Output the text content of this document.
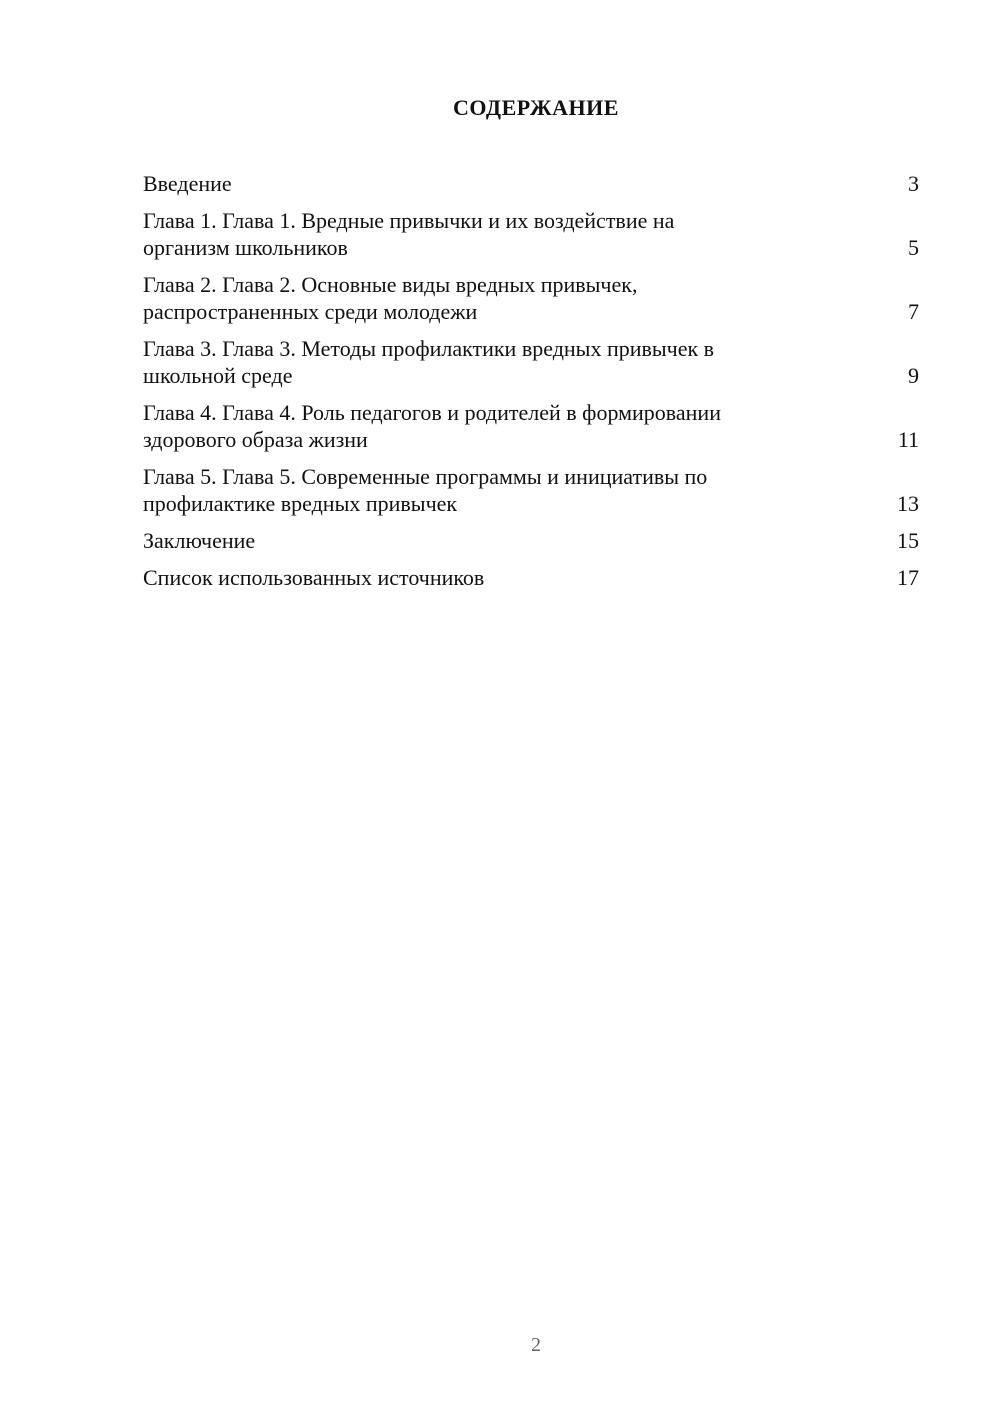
СОДЕРЖАНИЕ
Введение	3
Глава 1. Глава 1. Вредные привычки и их воздействие на
организм школьников	5
Глава 2. Глава 2. Основные виды вредных привычек,
распространенных среди молодежи	7
Глава 3. Глава 3. Методы профилактики вредных привычек в
школьной среде	9
Глава 4. Глава 4. Роль педагогов и родителей в формировании
здорового образа жизни	11
Глава 5. Глава 5. Современные программы и инициативы по
профилактике вредных привычек	13
Заключение	15
Список использованных источников	17
2
